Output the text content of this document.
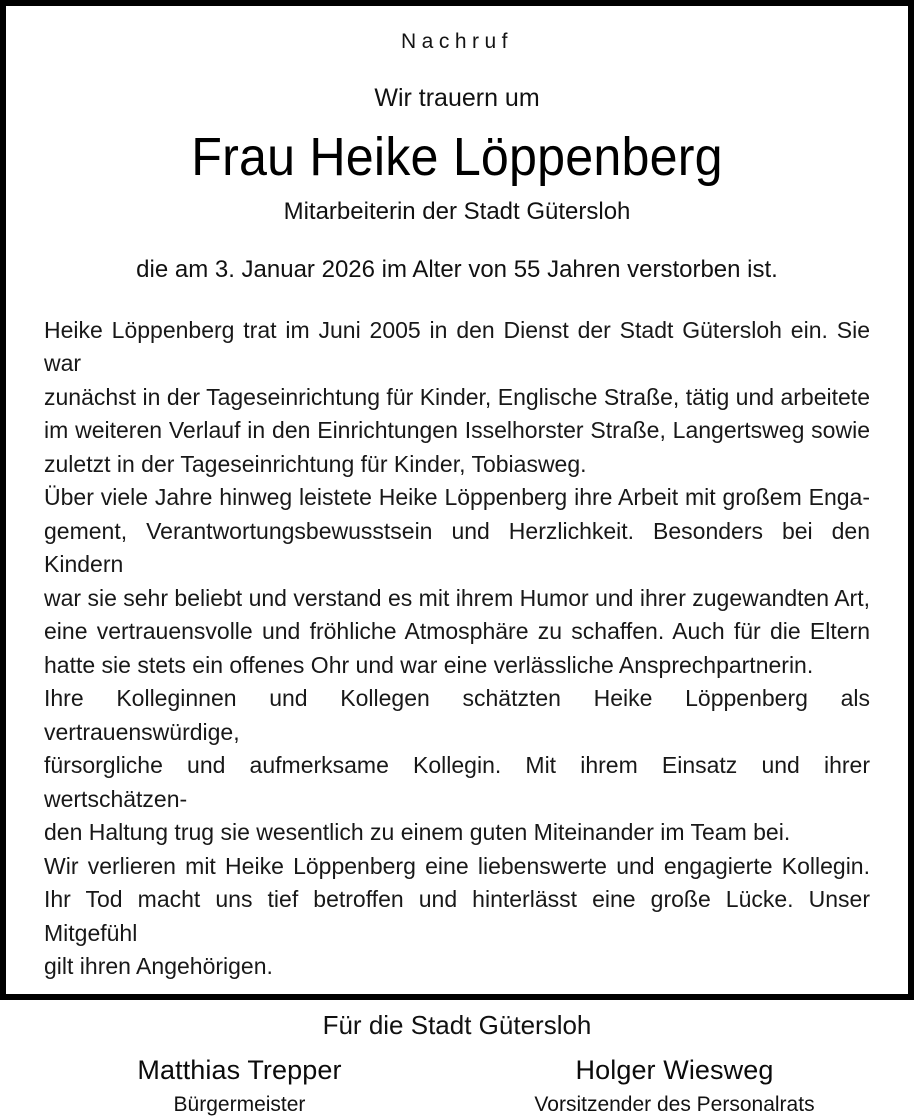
Nachruf
Wir trauern um
Frau Heike Löppenberg
Mitarbeiterin der Stadt Gütersloh
die am 3. Januar 2026 im Alter von 55 Jahren verstorben ist.
Heike Löppenberg trat im Juni 2005 in den Dienst der Stadt Gütersloh ein. Sie war
zunächst in der Tageseinrichtung für Kinder, Englische Straße, tätig und arbeitete
im weiteren Verlauf in den Einrichtungen Isselhorster Straße, Langertsweg sowie
zuletzt in der Tageseinrichtung für Kinder, Tobiasweg.
Über viele Jahre hinweg leistete Heike Löppenberg ihre Arbeit mit großem Enga-
gement, Verantwortungsbewusstsein und Herzlichkeit. Besonders bei den Kindern
war sie sehr beliebt und verstand es mit ihrem Humor und ihrer zugewandten Art,
eine vertrauensvolle und fröhliche Atmosphäre zu schaffen. Auch für die Eltern
hatte sie stets ein offenes Ohr und war eine verlässliche Ansprechpartnerin.
Ihre Kolleginnen und Kollegen schätzten Heike Löppenberg als vertrauenswürdige,
fürsorgliche und aufmerksame Kollegin. Mit ihrem Einsatz und ihrer wertschätzen-
den Haltung trug sie wesentlich zu einem guten Miteinander im Team bei.
Wir verlieren mit Heike Löppenberg eine liebenswerte und engagierte Kollegin.
Ihr Tod macht uns tief betroffen und hinterlässt eine große Lücke. Unser Mitgefühl
gilt ihren Angehörigen.
Für die Stadt Gütersloh
Matthias Trepper
Bürgermeister
Holger Wiesweg
Vorsitzender des Personalrats
